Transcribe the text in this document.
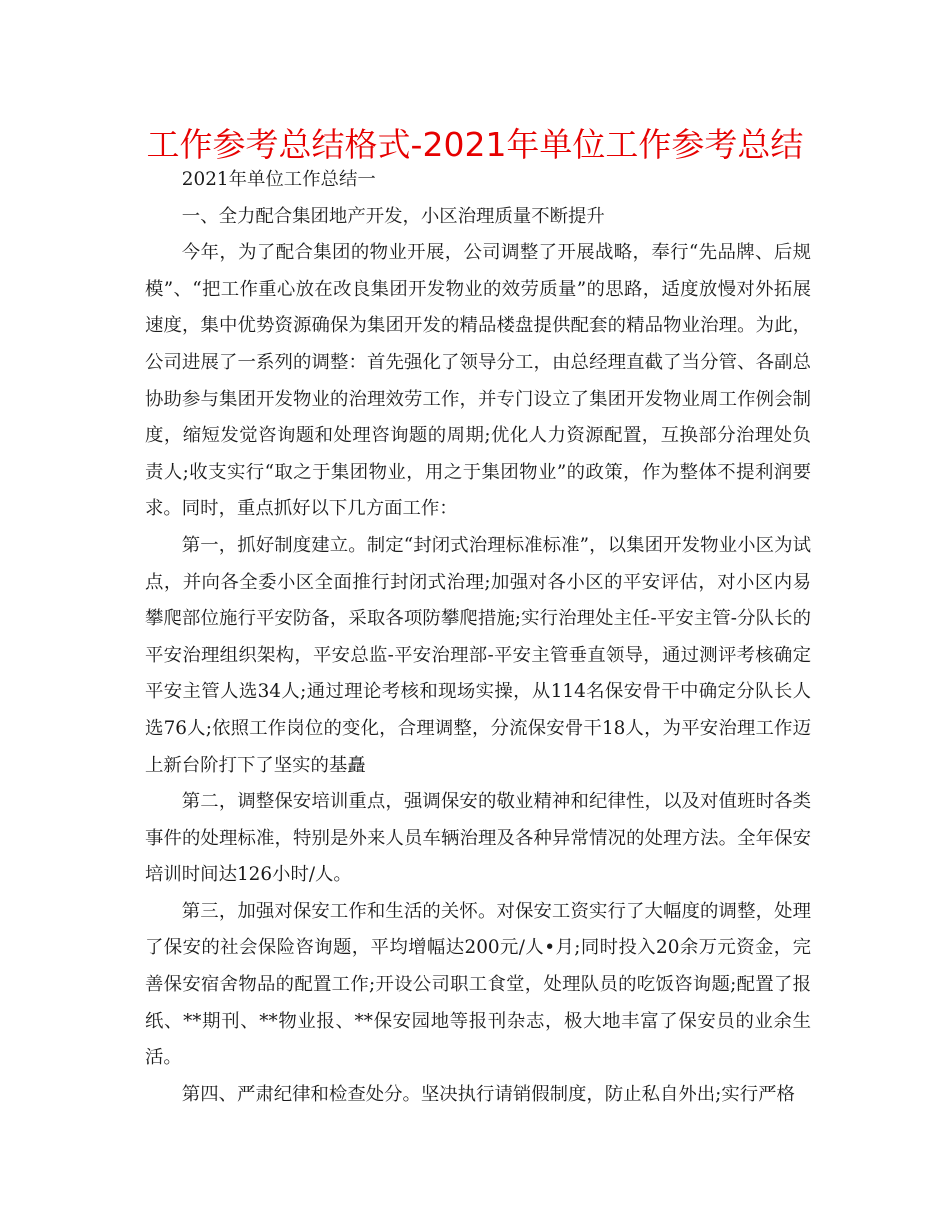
工作参考总结格式-2021年单位工作参考总结

2021年单位工作总结一

一、全力配合集团地产开发，小区治理质量不断提升

今年，为了配合集团的物业开展，公司调整了开展战略，奉行“先品牌、后规模”、“把工作重心放在改良集团开发物业的效劳质量”的思路，适度放慢对外拓展速度，集中优势资源确保为集团开发的精品楼盘提供配套的精品物业治理。为此，公司进展了一系列的调整：首先强化了领导分工，由总经理直截了当分管、各副总协助参与集团开发物业的治理效劳工作，并专门设立了集团开发物业周工作例会制度，缩短发觉咨询题和处理咨询题的周期;优化人力资源配置，互换部分治理处负责人;收支实行“取之于集团物业，用之于集团物业”的政策，作为整体不提利润要求。同时，重点抓好以下几方面工作：

第一，抓好制度建立。制定“封闭式治理标准标准”，以集团开发物业小区为试点，并向各全委小区全面推行封闭式治理;加强对各小区的平安评估，对小区内易攀爬部位施行平安防备，采取各项防攀爬措施;实行治理处主任-平安主管-分队长的平安治理组织架构，平安总监-平安治理部-平安主管垂直领导，通过测评考核确定平安主管人选34人;通过理论考核和现场实操，从114名保安骨干中确定分队长人选76人;依照工作岗位的变化，合理调整，分流保安骨干18人，为平安治理工作迈上新台阶打下了坚实的基矗

第二，调整保安培训重点，强调保安的敬业精神和纪律性，以及对值班时各类事件的处理标准，特别是外来人员车辆治理及各种异常情况的处理方法。全年保安培训时间达126小时/人。

第三，加强对保安工作和生活的关怀。对保安工资实行了大幅度的调整，处理了保安的社会保险咨询题，平均增幅达200元/人•月;同时投入20余万元资金，完善保安宿舍物品的配置工作;开设公司职工食堂，处理队员的吃饭咨询题;配置了报纸、**期刊、**物业报、**保安园地等报刊杂志，极大地丰富了保安员的业余生活。

第四、严肃纪律和检查处分。坚决执行请销假制度，防止私自外出;实行严格
